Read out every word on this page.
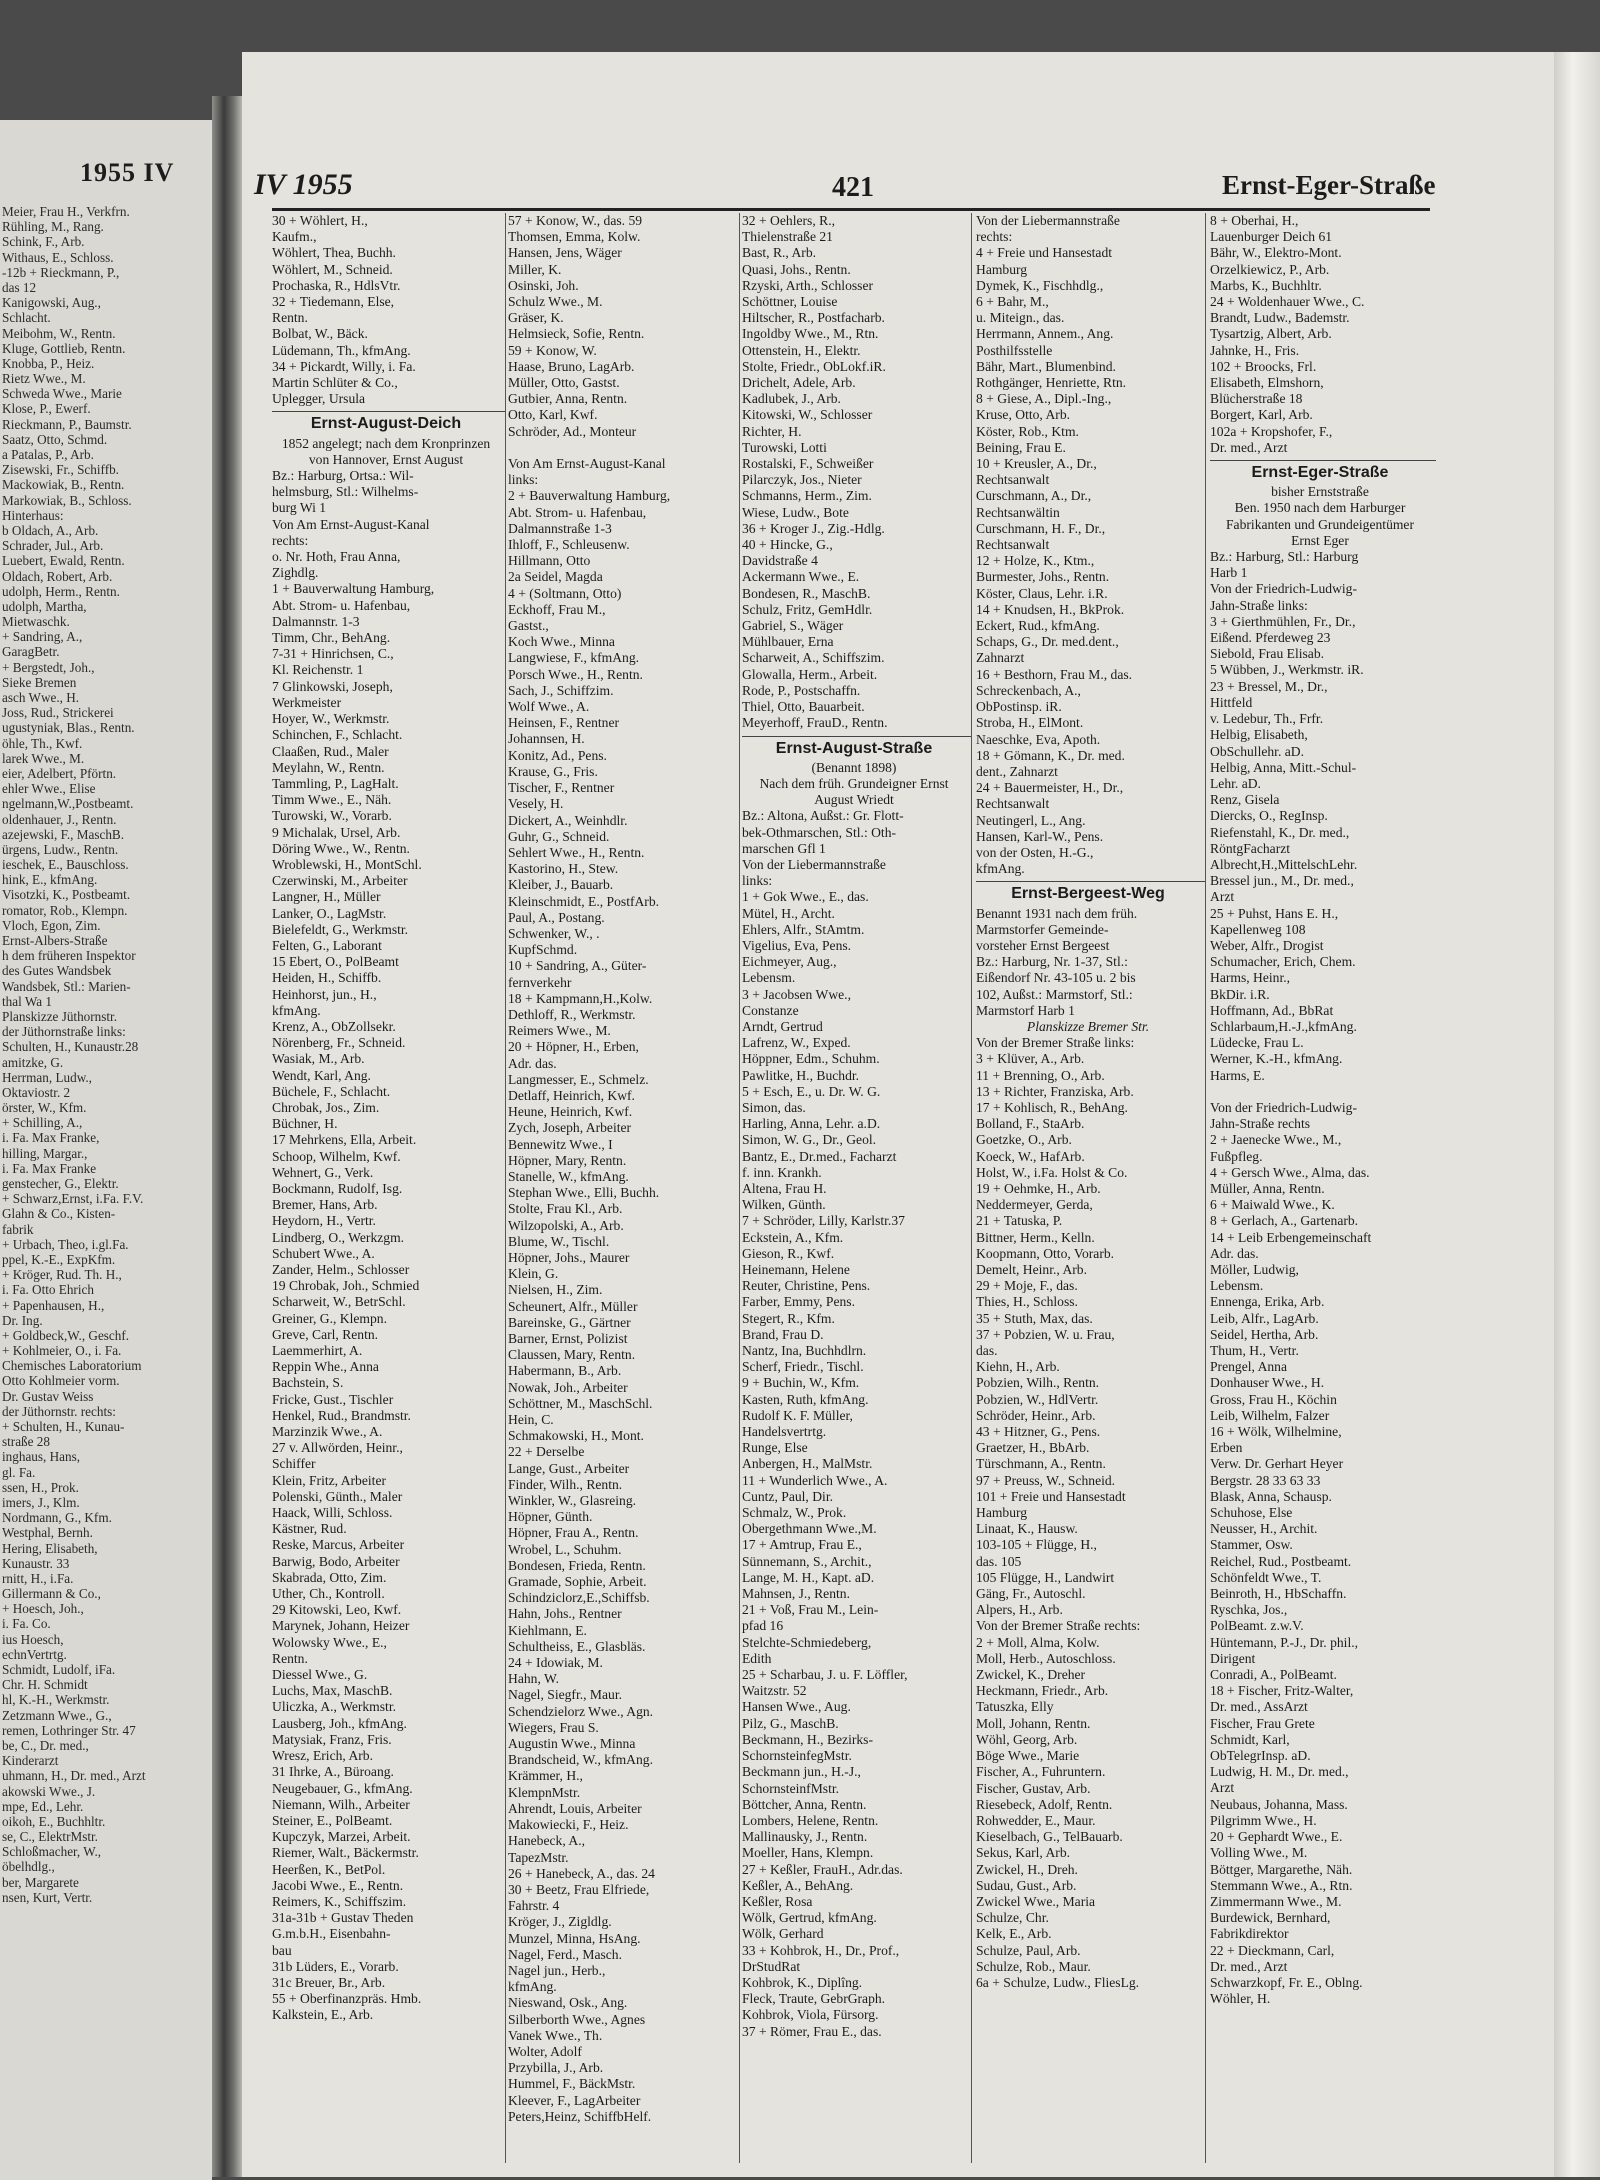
1955 IV
Meier, Frau H., Verkfrn.
Rühling, M., Rang.
Schink, F., Arb.
Withaus, E., Schloss.
-12b + Rieckmann, P.,
das 12
Kanigowski, Aug.,
Schlacht.
Meibohm, W., Rentn.
Kluge, Gottlieb, Rentn.
Knobba, P., Heiz.
Rietz Wwe., M.
Schweda Wwe., Marie
Klose, P., Ewerf.
Rieckmann, P., Baumstr.
Saatz, Otto, Schmd.
a Patalas, P., Arb.
Zisewski, Fr., Schiffb.
Mackowiak, B., Rentn.
Markowiak, B., Schloss.
Hinterhaus:
b Oldach, A., Arb.
Schrader, Jul., Arb.
Luebert, Ewald, Rentn.
Oldach, Robert, Arb.
udolph, Herm., Rentn.
udolph, Martha,
Mietwaschk.
+ Sandring, A.,
GaragBetr.
+ Bergstedt, Joh.,
Sieke Bremen
asch Wwe., H.
Joss, Rud., Strickerei
ugustyniak, Blas., Rentn.
öhle, Th., Kwf.
larek Wwe., M.
eier, Adelbert, Pförtn.
ehler Wwe., Elise
ngelmann,W.,Postbeamt.
oldenhauer, J., Rentn.
azejewski, F., MaschB.
ürgens, Ludw., Rentn.
ieschek, E., Bauschloss.
hink, E., kfmAng.
Visotzki, K., Postbeamt.
romator, Rob., Klempn.
Vloch, Egon, Zim.
Ernst-Albers-Straße
h dem früheren Inspektor
des Gutes Wandsbek
Wandsbek, Stl.: Marien-
thal Wa 1
Planskizze Jüthornstr.
der Jüthornstraße links:
Schulten, H., Kunaustr.28
amitzke, G.
Herrman, Ludw.,
Oktaviostr. 2
örster, W., Kfm.
+ Schilling, A.,
i. Fa. Max Franke,
hilling, Margar.,
i. Fa. Max Franke
genstecher, G., Elektr.
+ Schwarz,Ernst, i.Fa. F.V.
Glahn & Co., Kisten-
fabrik
+ Urbach, Theo, i.gl.Fa.
ppel, K.-E., ExpKfm.
+ Kröger, Rud. Th. H.,
i. Fa. Otto Ehrich
+ Papenhausen, H.,
Dr. Ing.
+ Goldbeck,W., Geschf.
+ Kohlmeier, O., i. Fa.
Chemisches Laboratorium
Otto Kohlmeier vorm.
Dr. Gustav Weiss
der Jüthornstr. rechts:
+ Schulten, H., Kunau-
straße 28
inghaus, Hans,
gl. Fa.
ssen, H., Prok.
imers, J., Klm.
Nordmann, G., Kfm.
Westphal, Bernh.
Hering, Elisabeth,
Kunaustr. 33
rnitt, H., i.Fa.
Gillermann & Co.,
+ Hoesch, Joh.,
i. Fa. Co.
ius Hoesch,
echnVertrtg.
Schmidt, Ludolf, iFa.
Chr. H. Schmidt
hl, K.-H., Werkmstr.
Zetzmann Wwe., G.,
remen, Lothringer Str. 47
be, C., Dr. med.,
Kinderarzt
uhmann, H., Dr. med., Arzt
akowski Wwe., J.
mpe, Ed., Lehr.
oikoh, E., Buchhltr.
se, C., ElektrMstr.
Schloßmacher, W.,
öbelhdlg.,
ber, Margarete
nsen, Kurt, Vertr.
IV 1955	421	Ernst-Eger-Straße
30 + Wöhlert, H.,
Kaufm.,
Wöhlert, Thea, Buchh.
Wöhlert, M., Schneid.
Prochaska, R., HdlsVtr.
32 + Tiedemann, Else,
Rentn.
Bolbat, W., Bäck.
Lüdemann, Th., kfmAng.
34 + Pickardt, Willy, i. Fa.
Martin Schlüter & Co.,
Uplegger, Ursula
Ernst-August-Deich
1852 angelegt; nach dem Kronprinzen von Hannover, Ernst August
Bz.: Harburg, Ortsa.: Wil-
helmsburg, Stl.: Wilhelms-
burg Wi 1
Von Am Ernst-August-Kanal
rechts:
o. Nr. Hoth, Frau Anna,
Zighdlg.
1 + Bauverwaltung Hamburg,
Abt. Strom- u. Hafenbau,
Dalmannstr. 1-3
Timm, Chr., BehAng.
7-31 + Hinrichsen, C.,
Kl. Reichenstr. 1
7 Glinkowski, Joseph,
Werkmeister
Hoyer, W., Werkmstr.
Schinchen, F., Schlacht.
Claaßen, Rud., Maler
Meylahn, W., Rentn.
Tammling, P., LagHalt.
Timm Wwe., E., Näh.
Turowski, W., Vorarb.
9 Michalak, Ursel, Arb.
Döring Wwe., W., Rentn.
Wroblewski, H., MontSchl.
Czerwinski, M., Arbeiter
Langner, H., Müller
Lanker, O., LagMstr.
Bielefeldt, G., Werkmstr.
Felten, G., Laborant
15 Ebert, O., PolBeamt
Heiden, H., Schiffb.
Heinhorst, jun., H.,
kfmAng.
Krenz, A., ObZollsekr.
Nörenberg, Fr., Schneid.
Wasiak, M., Arb.
Wendt, Karl, Ang.
Büchele, F., Schlacht.
Chrobak, Jos., Zim.
Büchner, H.
17 Mehrkens, Ella, Arbeit.
Schoop, Wilhelm, Kwf.
Wehnert, G., Verk.
Bockmann, Rudolf, Isg.
Bremer, Hans, Arb.
Heydorn, H., Vertr.
Lindberg, O., Werkzgm.
Schubert Wwe., A.
Zander, Helm., Schlosser
19 Chrobak, Joh., Schmied
Scharweit, W., BetrSchl.
Greiner, G., Klempn.
Greve, Carl, Rentn.
Laemmerhirt, A.
Reppin Whe., Anna
Bachstein, S.
Fricke, Gust., Tischler
Henkel, Rud., Brandmstr.
Marzinzik Wwe., A.
27 v. Allwörden, Heinr.,
Schiffer
Klein, Fritz, Arbeiter
Polenski, Günth., Maler
Haack, Willi, Schloss.
Kästner, Rud.
Reske, Marcus, Arbeiter
Barwig, Bodo, Arbeiter
Skabrada, Otto, Zim.
Uther, Ch., Kontroll.
29 Kitowski, Leo, Kwf.
Marynek, Johann, Heizer
Wolowsky Wwe., E.,
Rentn.
Diessel Wwe., G.
Luchs, Max, MaschB.
Uliczka, A., Werkmstr.
Lausberg, Joh., kfmAng.
Matysiak, Franz, Fris.
Wresz, Erich, Arb.
31 Ihrke, A., Büroang.
Neugebauer, G., kfmAng.
Niemann, Wilh., Arbeiter
Steiner, E., PolBeamt.
Kupczyk, Marzei, Arbeit.
Riemer, Walt., Bäckermstr.
Heerßen, K., BetPol.
Jacobi Wwe., E., Rentn.
Reimers, K., Schiffszim.
31a-31b + Gustav Theden
G.m.b.H., Eisenbahn-
bau
31b Lüders, E., Vorarb.
31c Breuer, Br., Arb.
55 + Oberfinanzpräs. Hmb.
Kalkstein, E., Arb.
57 + Konow, W., das. 59
Thomsen, Emma, Kolw.
Hansen, Jens, Wäger
Miller, K.
Osinski, Joh.
Schulz Wwe., M.
Gräser, K.
Helmsieck, Sofie, Rentn.
59 + Konow, W.
Haase, Bruno, LagArb.
Müller, Otto, Gastst.
Gutbier, Anna, Rentn.
Otto, Karl, Kwf.
Schröder, Ad., Monteur
Von Am Ernst-August-Kanal
links:
2 + Bauverwaltung Hamburg,
Abt. Strom- u. Hafenbau,
Dalmannstraße 1-3
Ihloff, F., Schleusenw.
Hillmann, Otto
2a Seidel, Magda
4 + (Soltmann, Otto)
Eckhoff, Frau M.,
Gastst.,
Koch Wwe., Minna
Langwiese, F., kfmAng.
Porsch Wwe., H., Rentn.
Sach, J., Schiffzim.
Wolf Wwe., A.
Heinsen, F., Rentner
Johannsen, H.
Konitz, Ad., Pens.
Krause, G., Fris.
Tischer, F., Rentner
Vesely, H.
Dickert, A., Weinhdlr.
Guhr, G., Schneid.
Sehlert Wwe., H., Rentn.
Kastorino, H., Stew.
Kleiber, J., Bauarb.
Kleinschmidt, E., PostfArb.
Paul, A., Postang.
Schwenker, W., .
KupfSchmd.
10 + Sandring, A., Güter-
fernverkehr
18 + Kampmann,H.,Kolw.
Dethloff, R., Werkmstr.
Reimers Wwe., M.
20 + Höpner, H., Erben,
Adr. das.
Langmesser, E., Schmelz.
Detlaff, Heinrich, Kwf.
Heune, Heinrich, Kwf.
Zych, Joseph, Arbeiter
Bennewitz Wwe., I
Höpner, Mary, Rentn.
Stanelle, W., kfmAng.
Stephan Wwe., Elli, Buchh.
Stolte, Frau Kl., Arb.
Wilzopolski, A., Arb.
Blume, W., Tischl.
Höpner, Johs., Maurer
Klein, G.
Nielsen, H., Zim.
Scheunert, Alfr., Müller
Bareinske, G., Gärtner
Barner, Ernst, Polizist
Claussen, Mary, Rentn.
Habermann, B., Arb.
Nowak, Joh., Arbeiter
Schöttner, M., MaschSchl.
Hein, C.
Schmakowski, H., Mont.
22 + Derselbe
Lange, Gust., Arbeiter
Finder, Wilh., Rentn.
Winkler, W., Glasreing.
Höpner, Günth.
Höpner, Frau A., Rentn.
Wrobel, L., Schuhm.
Bondesen, Frieda, Rentn.
Gramade, Sophie, Arbeit.
Schindziclorz,E.,Schiffsb.
Hahn, Johs., Rentner
Kiehlmann, E.
Schultheiss, E., Glasbläs.
24 + Idowiak, M.
Hahn, W.
Nagel, Siegfr., Maur.
Schendzielorz Wwe., Agn.
Wiegers, Frau S.
Augustin Wwe., Minna
Brandscheid, W., kfmAng.
Krämmer, H.,
KlempnMstr.
Ahrendt, Louis, Arbeiter
Makowiecki, F., Heiz.
Hanebeck, A.,
TapezMstr.
26 + Hanebeck, A., das. 24
30 + Beetz, Frau Elfriede,
Fahrstr. 4
Kröger, J., Zigldlg.
Munzel, Minna, HsAng.
Nagel, Ferd., Masch.
Nagel jun., Herb.,
kfmAng.
Nieswand, Osk., Ang.
Silberborth Wwe., Agnes
Vanek Wwe., Th.
Wolter, Adolf
Przybilla, J., Arb.
Hummel, F., BäckMstr.
Kleever, F., LagArbeiter
Peters,Heinz, SchiffbHelf.
32 + Oehlers, R.,
Thielenstraße 21
Bast, R., Arb.
Quasi, Johs., Rentn.
Rzyski, Arth., Schlosser
Schöttner, Louise
Hiltscher, R., Postfacharb.
Ingoldby Wwe., M., Rtn.
Ottenstein, H., Elektr.
Stolte, Friedr., ObLokf.iR.
Drichelt, Adele, Arb.
Kadlubek, J., Arb.
Kitowski, W., Schlosser
Richter, H.
Turowski, Lotti
Rostalski, F., Schweißer
Pilarczyk, Jos., Nieter
Schmanns, Herm., Zim.
Wiese, Ludw., Bote
36 + Kroger J., Zig.-Hdlg.
40 + Hincke, G.,
Davidstraße 4
Ackermann Wwe., E.
Bondesen, R., MaschB.
Schulz, Fritz, GemHdlr.
Gabriel, S., Wäger
Mühlbauer, Erna
Scharweit, A., Schiffszim.
Glowalla, Herm., Arbeit.
Rode, P., Postschaffn.
Thiel, Otto, Bauarbeit.
Meyerhoff, FrauD., Rentn.
Ernst-August-Straße
(Benannt 1898)
Nach dem früh. Grundeigner Ernst August Wriedt
Bz.: Altona, Außst.: Gr. Flott-
bek-Othmarschen, Stl.: Oth-
marschen Gfl 1
Von der Liebermannstraße
links:
1 + Gok Wwe., E., das.
Mütel, H., Archt.
Ehlers, Alfr., StAmtm.
Vigelius, Eva, Pens.
Eichmeyer, Aug.,
Lebensm.
3 + Jacobsen Wwe.,
Constanze
Arndt, Gertrud
Lafrenz, W., Exped.
Höppner, Edm., Schuhm.
Pawlitke, H., Buchdr.
5 + Esch, E., u. Dr. W. G.
Simon, das.
Harling, Anna, Lehr. a.D.
Simon, W. G., Dr., Geol.
Bantz, E., Dr.med., Facharzt
f. inn. Krankh.
Altena, Frau H.
Wilken, Günth.
7 + Schröder, Lilly, Karlstr.37
Eckstein, A., Kfm.
Gieson, R., Kwf.
Heinemann, Helene
Reuter, Christine, Pens.
Farber, Emmy, Pens.
Stegert, R., Kfm.
Brand, Frau D.
Nantz, Ina, Buchhdlrn.
Scherf, Friedr., Tischl.
9 + Buchin, W., Kfm.
Kasten, Ruth, kfmAng.
Rudolf K. F. Müller,
Handelsvertrtg.
Runge, Else
Anbergen, H., MalMstr.
11 + Wunderlich Wwe., A.
Cuntz, Paul, Dir.
Schmalz, W., Prok.
Obergethmann Wwe.,M.
17 + Amtrup, Frau E.,
Sünnemann, S., Archit.,
Lange, M. H., Kapt. aD.
Mahnsen, J., Rentn.
21 + Voß, Frau M., Lein-
pfad 16
Stelchte-Schmiedeberg,
Edith
25 + Scharbau, J. u. F. Löffler,
Waitzstr. 52
Hansen Wwe., Aug.
Pilz, G., MaschB.
Beckmann, H., Bezirks-
SchornsteinfegMstr.
Beckmann jun., H.-J.,
SchornsteinfMstr.
Böttcher, Anna, Rentn.
Lombers, Helene, Rentn.
Mallinausky, J., Rentn.
Moeller, Hans, Klempn.
27 + Keßler, FrauH., Adr.das.
Keßler, A., BehAng.
Keßler, Rosa
Wölk, Gertrud, kfmAng.
Wölk, Gerhard
33 + Kohbrok, H., Dr., Prof.,
DrStudRat
Kohbrok, K., Diplîng.
Fleck, Traute, GebrGraph.
Kohbrok, Viola, Fürsorg.
37 + Römer, Frau E., das.
Von der Liebermannstraße
rechts:
4 + Freie und Hansestadt
Hamburg
Dymek, K., Fischhdlg.,
6 + Bahr, M.,
u. Miteign., das.
Herrmann, Annem., Ang.
Posthilfsstelle
Bähr, Mart., Blumenbind.
Rothgänger, Henriette, Rtn.
8 + Giese, A., Dipl.-Ing.,
Kruse, Otto, Arb.
Köster, Rob., Ktm.
Beining, Frau E.
10 + Kreusler, A., Dr.,
Rechtsanwalt
Curschmann, A., Dr.,
Rechtsanwältin
Curschmann, H. F., Dr.,
Rechtsanwalt
12 + Holze, K., Ktm.,
Burmester, Johs., Rentn.
Köster, Claus, Lehr. i.R.
14 + Knudsen, H., BkProk.
Eckert, Rud., kfmAng.
Schaps, G., Dr. med.dent.,
Zahnarzt
16 + Besthorn, Frau M., das.
Schreckenbach, A.,
ObPostinsp. iR.
Stroba, H., ElMont.
Naeschke, Eva, Apoth.
18 + Gömann, K., Dr. med.
dent., Zahnarzt
24 + Bauermeister, H., Dr.,
Rechtsanwalt
Neutingerl, L., Ang.
Hansen, Karl-W., Pens.
von der Osten, H.-G.,
kfmAng.
Ernst-Bergeest-Weg
Benannt 1931 nach dem früh.
Marmstorfer Gemeinde-
vorsteher Ernst Bergeest
Bz.: Harburg, Nr. 1-37, Stl.:
Eißendorf Nr. 43-105 u. 2 bis
102, Außst.: Marmstorf, Stl.:
Marmstorf Harb 1
Planskizze Bremer Str.
Von der Bremer Straße links:
3 + Klüver, A., Arb.
11 + Brenning, O., Arb.
13 + Richter, Franziska, Arb.
17 + Kohlisch, R., BehAng.
Bolland, F., StaArb.
Goetzke, O., Arb.
Koeck, W., HafArb.
Holst, W., i.Fa. Holst & Co.
19 + Oehmke, H., Arb.
Neddermeyer, Gerda,
21 + Tatuska, P.
Bittner, Herm., Kelln.
Koopmann, Otto, Vorarb.
Demelt, Heinr., Arb.
29 + Moje, F., das.
Thies, H., Schloss.
35 + Stuth, Max, das.
37 + Pobzien, W. u. Frau,
das.
Kiehn, H., Arb.
Pobzien, Wilh., Rentn.
Pobzien, W., HdlVertr.
Schröder, Heinr., Arb.
43 + Hitzner, G., Pens.
Graetzer, H., BbArb.
Türschmann, A., Rentn.
97 + Preuss, W., Schneid.
101 + Freie und Hansestadt
Hamburg
Linaat, K., Hausw.
103-105 + Flügge, H.,
das. 105
105 Flügge, H., Landwirt
Gäng, Fr., Autoschl.
Alpers, H., Arb.
Von der Bremer Straße rechts:
2 + Moll, Alma, Kolw.
Moll, Herb., Autoschloss.
Zwickel, K., Dreher
Heckmann, Friedr., Arb.
Tatuszka, Elly
Moll, Johann, Rentn.
Wöhl, Georg, Arb.
Böge Wwe., Marie
Fischer, A., Fuhruntern.
Fischer, Gustav, Arb.
Riesebeck, Adolf, Rentn.
Rohwedder, E., Maur.
Kieselbach, G., TelBauarb.
Sekus, Karl, Arb.
Zwickel, H., Dreh.
Sudau, Gust., Arb.
Zwickel Wwe., Maria
Schulze, Chr.
Kelk, E., Arb.
Schulze, Paul, Arb.
Schulze, Rob., Maur.
6a + Schulze, Ludw., FliesLg.
8 + Oberhai, H.,
Lauenburger Deich 61
Bähr, W., Elektro-Mont.
Orzelkiewicz, P., Arb.
Marbs, K., Buchhltr.
24 + Woldenhauer Wwe., C.
Brandt, Ludw., Bademstr.
Tysartzig, Albert, Arb.
Jahnke, H., Fris.
102 + Broocks, Frl.
Elisabeth, Elmshorn,
Blücherstraße 18
Borgert, Karl, Arb.
102a + Kropshofer, F.,
Dr. med., Arzt
Ernst-Eger-Straße
bisher Ernststraße
Ben. 1950 nach dem Harburger Fabrikanten und Grundeigentümer Ernst Eger
Bz.: Harburg, Stl.: Harburg
Harb 1
Von der Friedrich-Ludwig-
Jahn-Straße links:
3 + Gierthmühlen, Fr., Dr.,
Eißend. Pferdeweg 23
Siebold, Frau Elisab.
5 Wübben, J., Werkmstr. iR.
23 + Bressel, M., Dr.,
Hittfeld
v. Ledebur, Th., Frfr.
Helbig, Elisabeth,
ObSchullehr. aD.
Helbig, Anna, Mitt.-Schul-
Lehr. aD.
Renz, Gisela
Diercks, O., RegInsp.
Riefenstahl, K., Dr. med.,
RöntgFacharzt
Albrecht,H.,MittelschLehr.
Bressel jun., M., Dr. med.,
Arzt
25 + Puhst, Hans E. H.,
Kapellenweg 108
Weber, Alfr., Drogist
Schumacher, Erich, Chem.
Harms, Heinr.,
BkDir. i.R.
Hoffmann, Ad., BbRat
Schlarbaum,H.-J.,kfmAng.
Lüdecke, Frau L.
Werner, K.-H., kfmAng.
Harms, E.
Von der Friedrich-Ludwig-
Jahn-Straße rechts
2 + Jaenecke Wwe., M.,
Fußpfleg.
4 + Gersch Wwe., Alma, das.
Müller, Anna, Rentn.
6 + Maiwald Wwe., K.
8 + Gerlach, A., Gartenarb.
14 + Leib Erbengemeinschaft
Adr. das.
Möller, Ludwig,
Lebensm.
Ennenga, Erika, Arb.
Leib, Alfr., LagArb.
Seidel, Hertha, Arb.
Thum, H., Vertr.
Prengel, Anna
Donhauser Wwe., H.
Gross, Frau H., Köchin
Leib, Wilhelm, Falzer
16 + Wölk, Wilhelmine,
Erben
Verw. Dr. Gerhart Heyer
Bergstr. 28 33 63 33
Blask, Anna, Schausp.
Schuhose, Else
Neusser, H., Archit.
Stammer, Osw.
Reichel, Rud., Postbeamt.
Schönfeldt Wwe., T.
Beinroth, H., HbSchaffn.
Ryschka, Jos.,
PolBeamt. z.w.V.
Hüntemann, P.-J., Dr. phil.,
Dirigent
Conradi, A., PolBeamt.
18 + Fischer, Fritz-Walter,
Dr. med., AssArzt
Fischer, Frau Grete
Schmidt, Karl,
ObTelegrInsp. aD.
Ludwig, H. M., Dr. med.,
Arzt
Neubaus, Johanna, Mass.
Pilgrimm Wwe., H.
20 + Gephardt Wwe., E.
Volling Wwe., M.
Böttger, Margarethe, Näh.
Stemmann Wwe., A., Rtn.
Zimmermann Wwe., M.
Burdewick, Bernhard,
Fabrikdirektor
22 + Dieckmann, Carl,
Dr. med., Arzt
Schwarzkopf, Fr. E., Oblng.
Wöhler, H.
